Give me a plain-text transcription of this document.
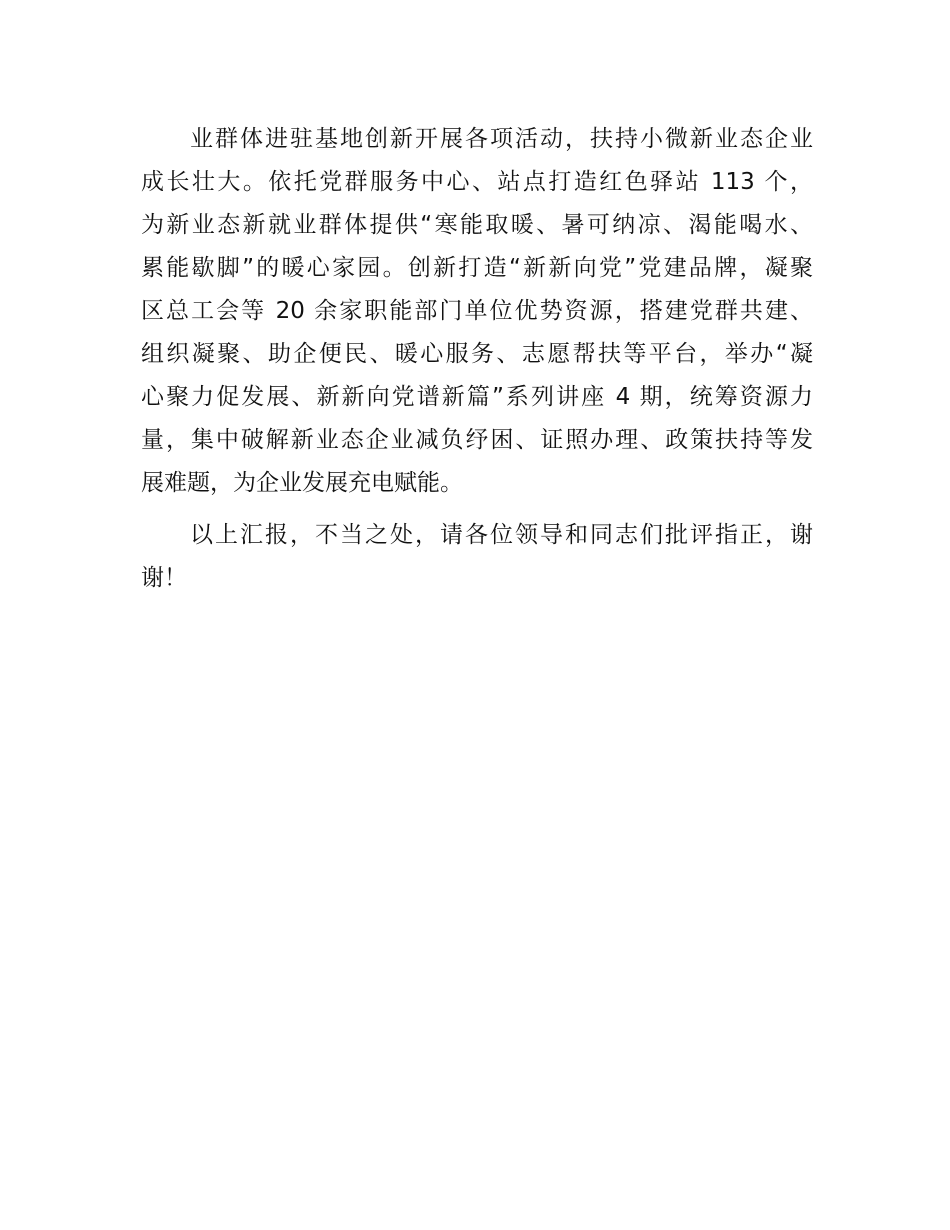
业群体进驻基地创新开展各项活动，扶持小微新业态企业
成长壮大。依托党群服务中心、站点打造红色驿站 113 个，
为新业态新就业群体提供“寒能取暖、暑可纳凉、渴能喝水、
累能歇脚”的暖心家园。创新打造“新新向党”党建品牌，凝聚
区总工会等 20 余家职能部门单位优势资源，搭建党群共建、
组织凝聚、助企便民、暖心服务、志愿帮扶等平台，举办“凝
心聚力促发展、新新向党谱新篇”系列讲座 4 期，统筹资源力
量，集中破解新业态企业减负纾困、证照办理、政策扶持等发
展难题，为企业发展充电赋能。
以上汇报，不当之处，请各位领导和同志们批评指正，谢
谢！
